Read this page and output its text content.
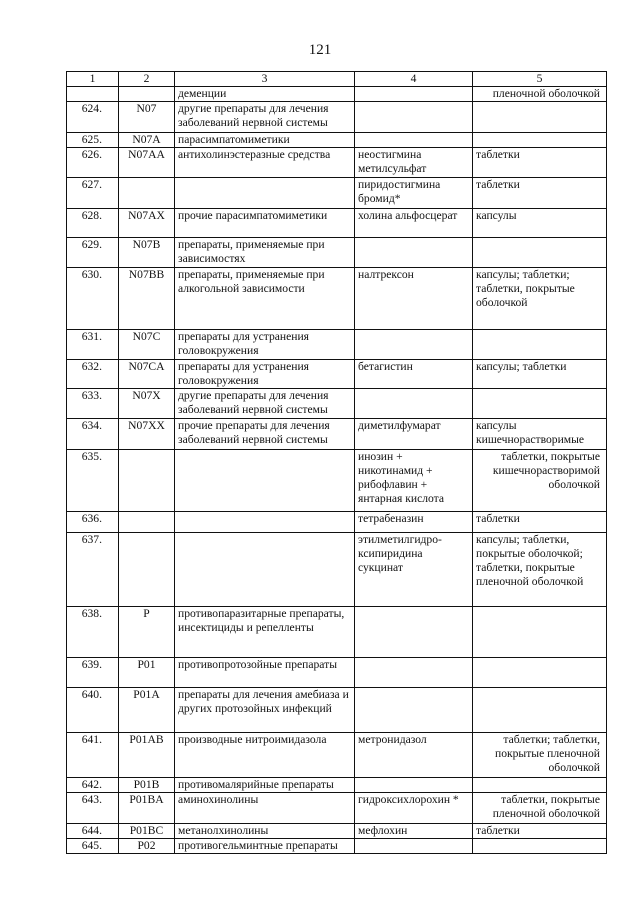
121
1	2	3	4	5
		деменции		пленочной оболочкой
624.	N07	другие препараты для лечения заболеваний нервной системы		
625.	N07A	парасимпатомиметики		
626.	N07AA	антихолинэстеразные средства	неостигмина метилсульфат	таблетки
627.			пиридостигмина бромид*	таблетки
628.	N07AX	прочие парасимпатомиметики	холина альфосцерат	капсулы
629.	N07B	препараты, применяемые при зависимостях		
630.	N07BB	препараты, применяемые при алкогольной зависимости	налтрексон	капсулы; таблетки; таблетки, покрытые оболочкой
631.	N07C	препараты для устранения головокружения		
632.	N07CA	препараты для устранения головокружения	бетагистин	капсулы; таблетки
633.	N07X	другие препараты для лечения заболеваний нервной системы		
634.	N07XX	прочие препараты для лечения заболеваний нервной системы	диметилфумарат	капсулы кишечнорастворимые
635.			инозин + никотинамид + рибофлавин + янтарная кислота	таблетки, покрытые кишечнорастворимой оболочкой
636.			тетрабеназин	таблетки
637.			этилметилгидро-ксипиридина сукцинат	капсулы; таблетки, покрытые оболочкой; таблетки, покрытые пленочной оболочкой
638.	P	противопаразитарные препараты, инсектициды и репелленты		
639.	P01	противопротозойные препараты		
640.	P01A	препараты для лечения амебиаза и других протозойных инфекций		
641.	P01AB	производные нитроимидазола	метронидазол	таблетки; таблетки, покрытые пленочной оболочкой
642.	P01B	противомалярийные препараты		
643.	P01BA	аминохинолины	гидроксихлорохин *	таблетки, покрытые пленочной оболочкой
644.	P01BC	метанолхинолины	мефлохин	таблетки
645.	P02	противогельминтные препараты		
